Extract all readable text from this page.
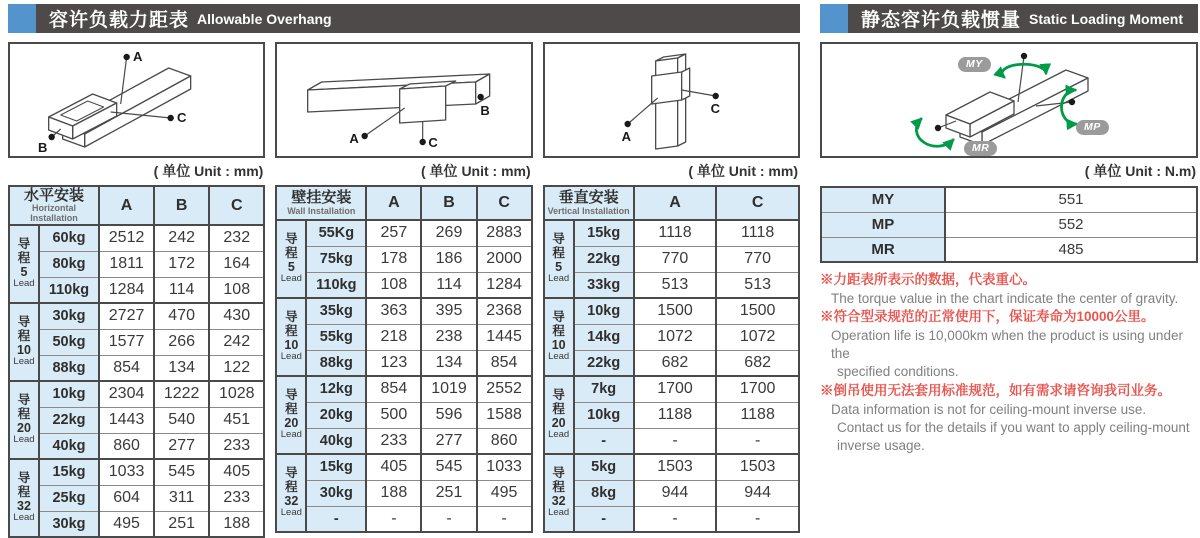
容许负载力距表 Allowable Overhang
A
B
C
( 单位 Unit : mm)
水平安装
Horizontal Installation		A	B	C

导
程
5
Lead	60kg	2512	242	232
	80kg	1811	172	164
	110kg	1284	114	108

导
程
10
Lead	30kg	2727	470	430
	50kg	1577	266	242
	88kg	854	134	122

导
程
20
Lead	10kg	2304	1222	1028
	22kg	1443	540	451
	40kg	860	277	233

导
程
32
Lead	15kg	1033	545	405
	25kg	604	311	233
	30kg	495	251	188
A
B
C
( 单位 Unit : mm)
壁挂安装
Wall Installation		A	B	C

导
程
5
Lead	55Kg	257	269	2883
	75kg	178	186	2000
	110kg	108	114	1284

导
程
10
Lead	35kg	363	395	2368
	55kg	218	238	1445
	88kg	123	134	854

导
程
20
Lead	12kg	854	1019	2552
	20kg	500	596	1588
	40kg	233	277	860

导
程
32
Lead	15kg	405	545	1033
	30kg	188	251	495
	-	-	-	-
A
C
( 单位 Unit : mm)
垂直安装
Vertical Installation		A	C

导
程
5
Lead	15kg	1118	1118
	22kg	770	770
	33kg	513	513

导
程
10
Lead	10kg	1500	1500
	14kg	1072	1072
	22kg	682	682

导
程
20
Lead	7kg	1700	1700
	10kg	1188	1188
	-	-	-

导
程
32
Lead	5kg	1503	1503
	8kg	944	944
	-	-	-
静态容许负载惯量 Static Loading Moment
MY
MP
MR
( 单位 Unit : N.m)
MY	551
MP	552
MR	485
※力距表所表示的数据，代表重心。
The torque value in the chart indicate the center of gravity.
※符合型录规范的正常使用下，保证寿命为10000公里。
Operation life is 10,000km when the product is using under the
specified conditions.
※倒吊使用无法套用标准规范，如有需求请咨询我司业务。
Data information is not for ceiling-mount inverse use.
Contact us for the details if you want to apply ceiling-mount
inverse usage.
